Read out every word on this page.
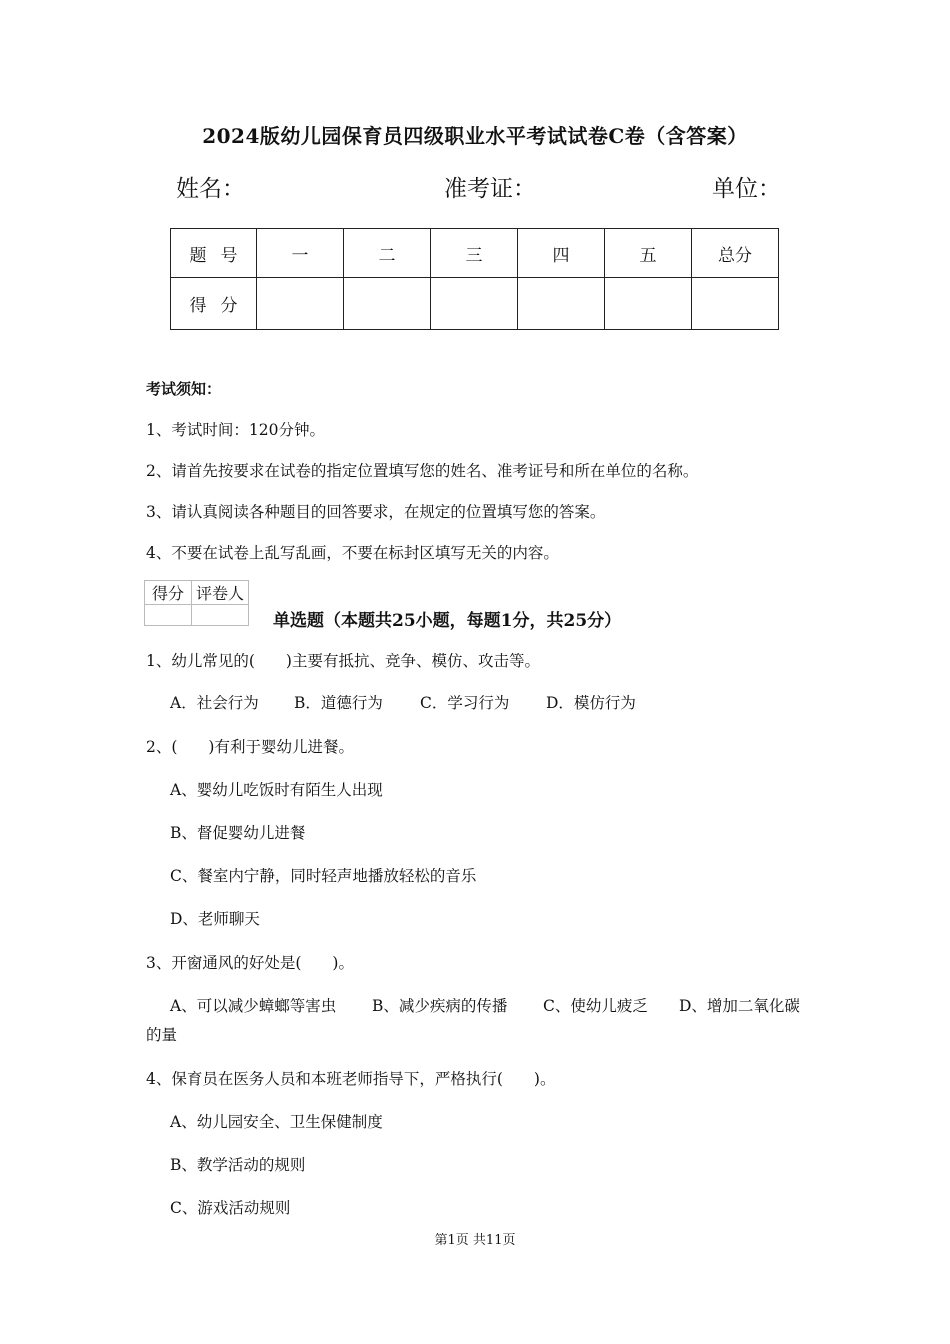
2024版幼儿园保育员四级职业水平考试试卷C卷（含答案）
姓名：	准考证：	单位：
题号	一	二	三	四	五	总分
得分						
考试须知：
1、考试时间：120分钟。
2、请首先按要求在试卷的指定位置填写您的姓名、准考证号和所在单位的名称。
3、请认真阅读各种题目的回答要求，在规定的位置填写您的答案。
4、不要在试卷上乱写乱画，不要在标封区填写无关的内容。
得分	评卷人

单选题（本题共25小题，每题1分，共25分）
1、幼儿常见的(　　)主要有抵抗、竞争、模仿、攻击等。
A．社会行为 B．道德行为 C．学习行为 D．模仿行为
2、(　　)有利于婴幼儿进餐。
A、婴幼儿吃饭时有陌生人出现
B、督促婴幼儿进餐
C、餐室内宁静，同时轻声地播放轻松的音乐
D、老师聊天
3、开窗通风的好处是(　　)。
A、可以减少蟑螂等害虫 B、减少疾病的传播 C、使幼儿疲乏 D、增加二氧化碳
的量
4、保育员在医务人员和本班老师指导下，严格执行(　　)。
A、幼儿园安全、卫生保健制度
B、教学活动的规则
C、游戏活动规则
第1页 共11页
